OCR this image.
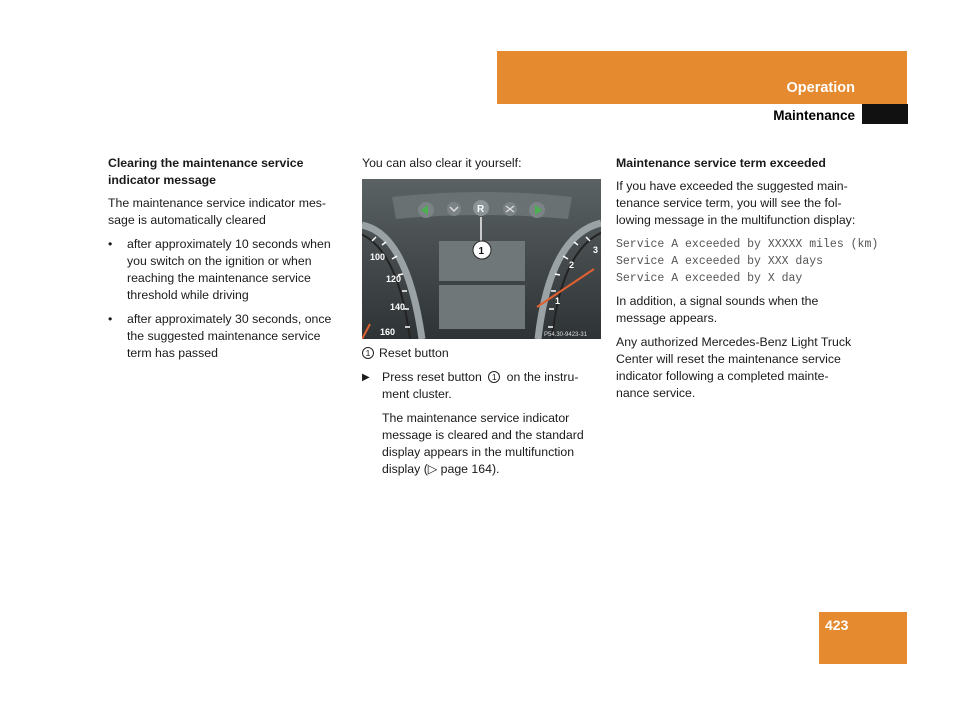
Operation
Maintenance
Clearing the maintenance service indicator message
The maintenance service indicator mes-sage is automatically cleared
• after approximately 10 seconds when you switch on the ignition or when reaching the maintenance service threshold while driving
• after approximately 30 seconds, once the suggested maintenance service term has passed
You can also clear it yourself:
R
100
120
140
160
3
2
1
1
P54.30-9423-31
1 Reset button
▶ Press reset button 1 on the instru-ment cluster.
The maintenance service indicator message is cleared and the standard display appears in the multifunction display (▷ page 164).
Maintenance service term exceeded
If you have exceeded the suggested main-tenance service term, you will see the fol-lowing message in the multifunction display:
Service A exceeded by XXXXX miles (km)
Service A exceeded by XXX days
Service A exceeded by X day
In addition, a signal sounds when the message appears.
Any authorized Mercedes-Benz Light Truck Center will reset the maintenance service indicator following a completed mainte-nance service.
423
